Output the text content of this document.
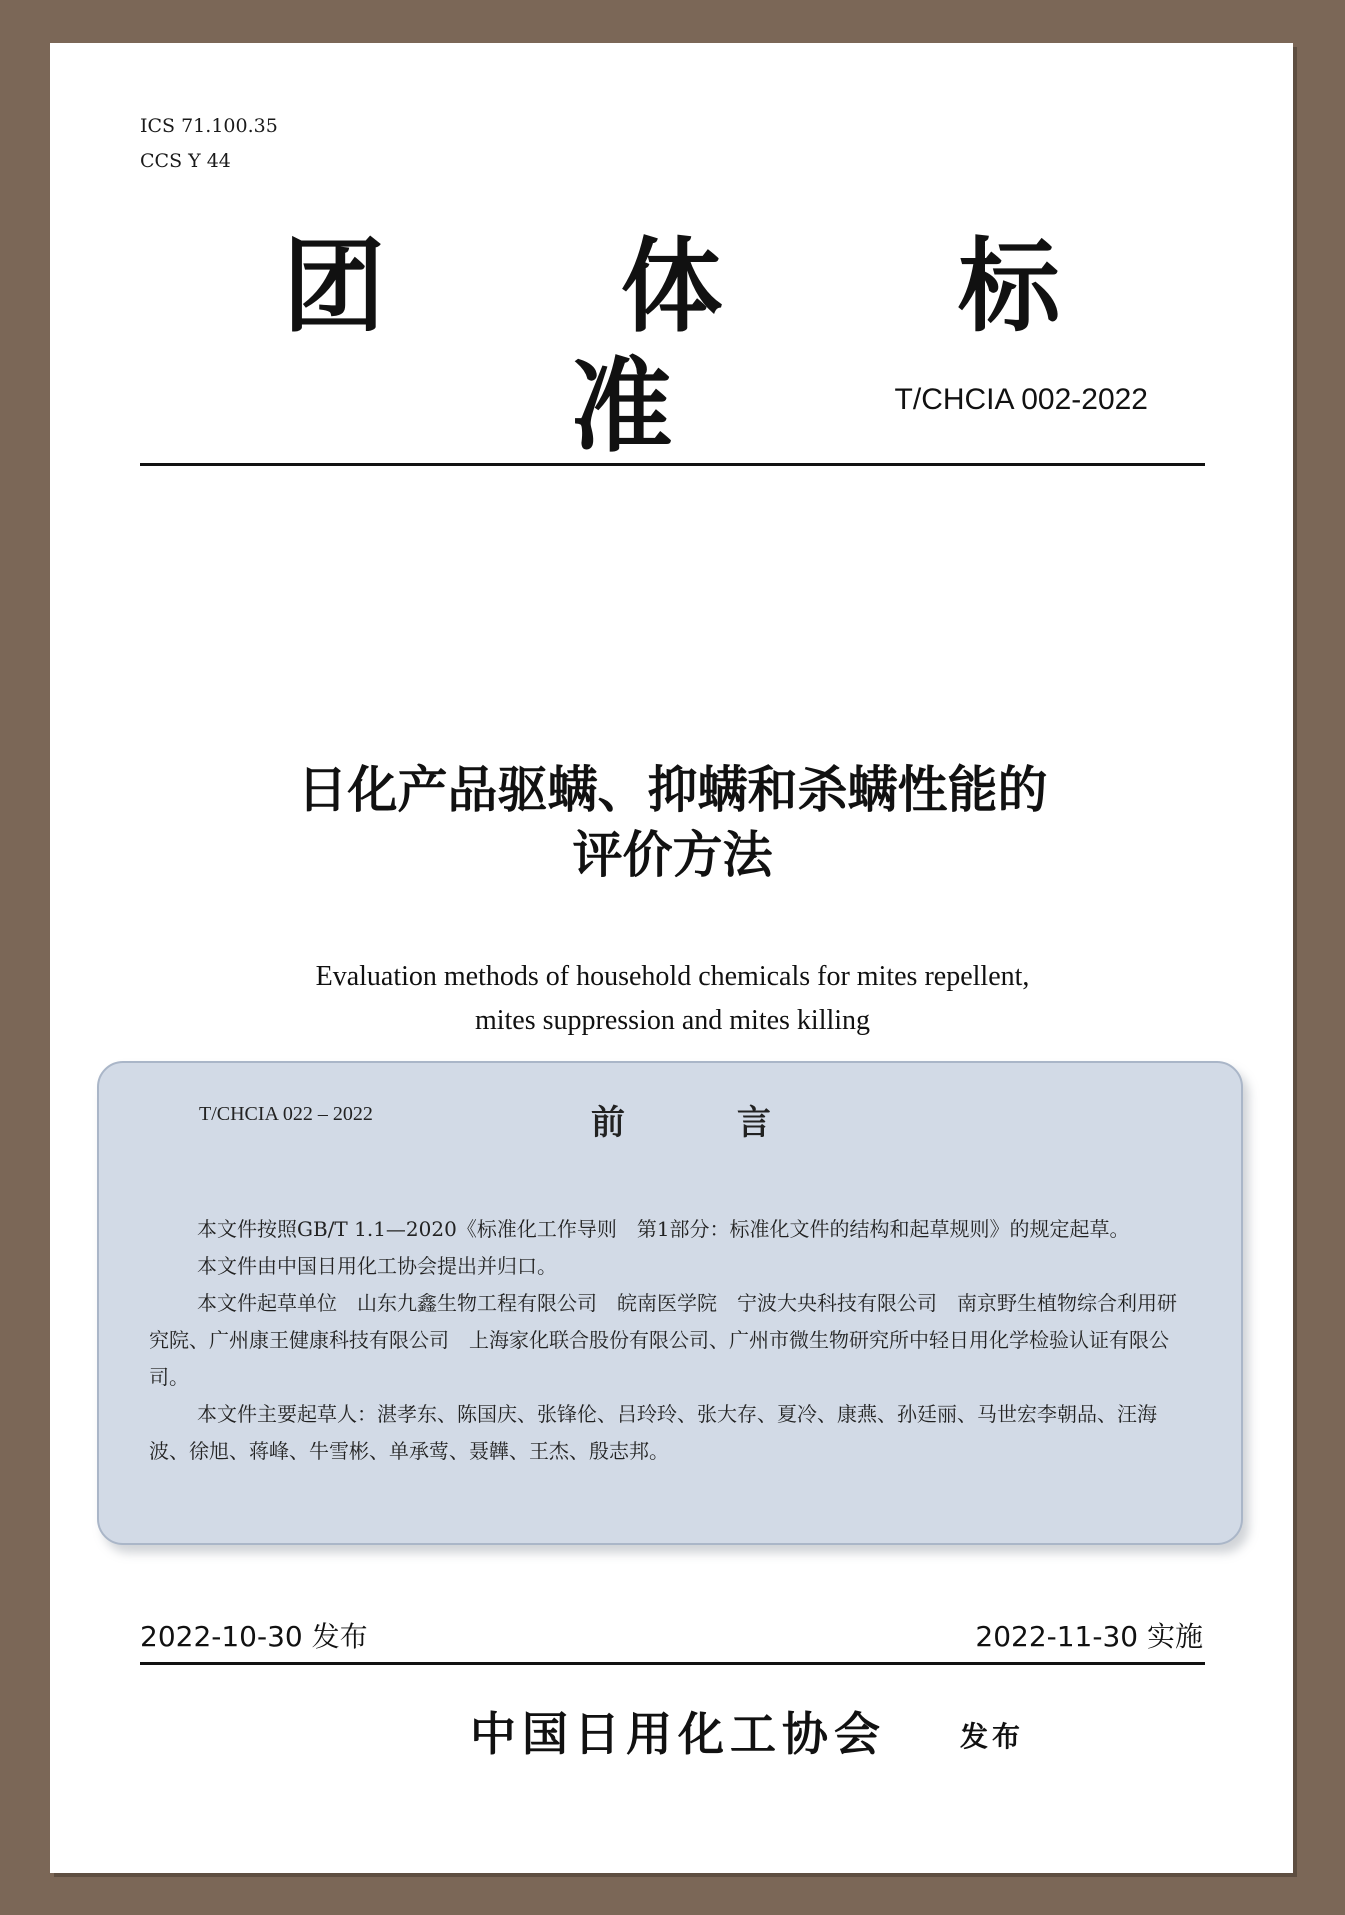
ICS 71.100.35
CCS Y 44
团 体 标 准	T/CHCIA 002-2022
日化产品驱螨、抑螨和杀螨性能的
评价方法
Evaluation methods of household chemicals for mites repellent,
mites suppression and mites killing
T/CHCIA 022 – 2022	前 言

本文件按照GB/T 1.1—2020《标准化工作导则　第1部分：标准化文件的结构和起草规则》的规定起草。

本文件由中国日用化工协会提出并归口。

本文件起草单位　山东九鑫生物工程有限公司　皖南医学院　宁波大央科技有限公司　南京野生植物综合利用研究院、广州康王健康科技有限公司　上海家化联合股份有限公司、广州市微生物研究所中轻日用化学检验认证有限公司。

本文件主要起草人：湛孝东、陈国庆、张锋伦、吕玲玲、张大存、夏冷、康燕、孙廷丽、马世宏李朝品、汪海波、徐旭、蒋峰、牛雪彬、单承莺、聂韡、王杰、殷志邦。

2022-10-30 发布	2022-11-30 实施
中国日用化工协会	发布
